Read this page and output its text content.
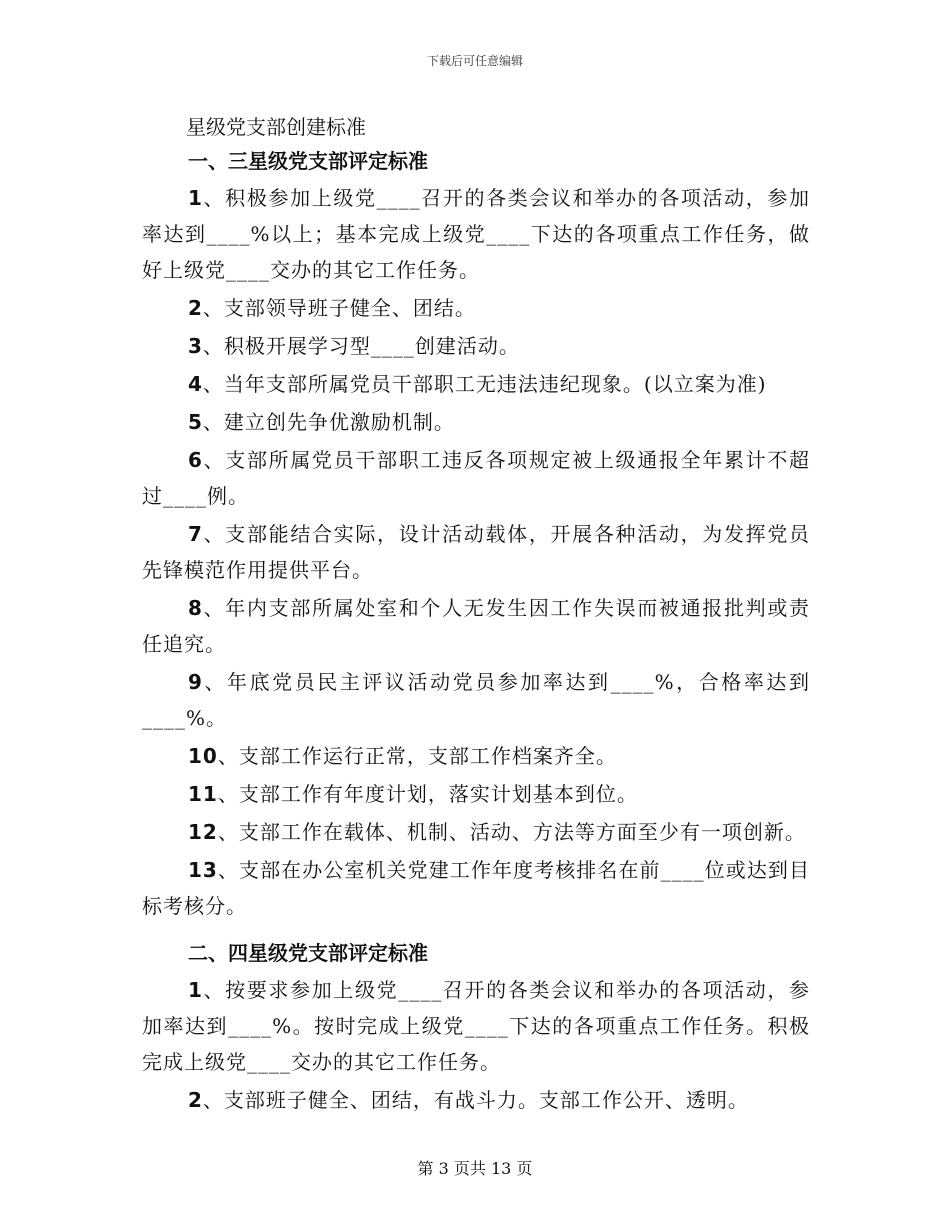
下载后可任意编辑
星级党支部创建标准
一、三星级党支部评定标准

1、积极参加上级党____召开的各类会议和举办的各项活动，参加率达到____%以上；基本完成上级党____下达的各项重点工作任务，做好上级党____交办的其它工作任务。

2、支部领导班子健全、团结。

3、积极开展学习型____创建活动。

4、当年支部所属党员干部职工无违法违纪现象。(以立案为准)

5、建立创先争优激励机制。

6、支部所属党员干部职工违反各项规定被上级通报全年累计不超过____例。

7、支部能结合实际，设计活动载体，开展各种活动，为发挥党员先锋模范作用提供平台。

8、年内支部所属处室和个人无发生因工作失误而被通报批判或责任追究。

9、年底党员民主评议活动党员参加率达到____%，合格率达到____%。

10、支部工作运行正常，支部工作档案齐全。

11、支部工作有年度计划，落实计划基本到位。

12、支部工作在载体、机制、活动、方法等方面至少有一项创新。

13、支部在办公室机关党建工作年度考核排名在前____位或达到目标考核分。

二、四星级党支部评定标准

1、按要求参加上级党____召开的各类会议和举办的各项活动，参加率达到____%。按时完成上级党____下达的各项重点工作任务。积极完成上级党____交办的其它工作任务。

2、支部班子健全、团结，有战斗力。支部工作公开、透明。

第 3 页共 13 页
